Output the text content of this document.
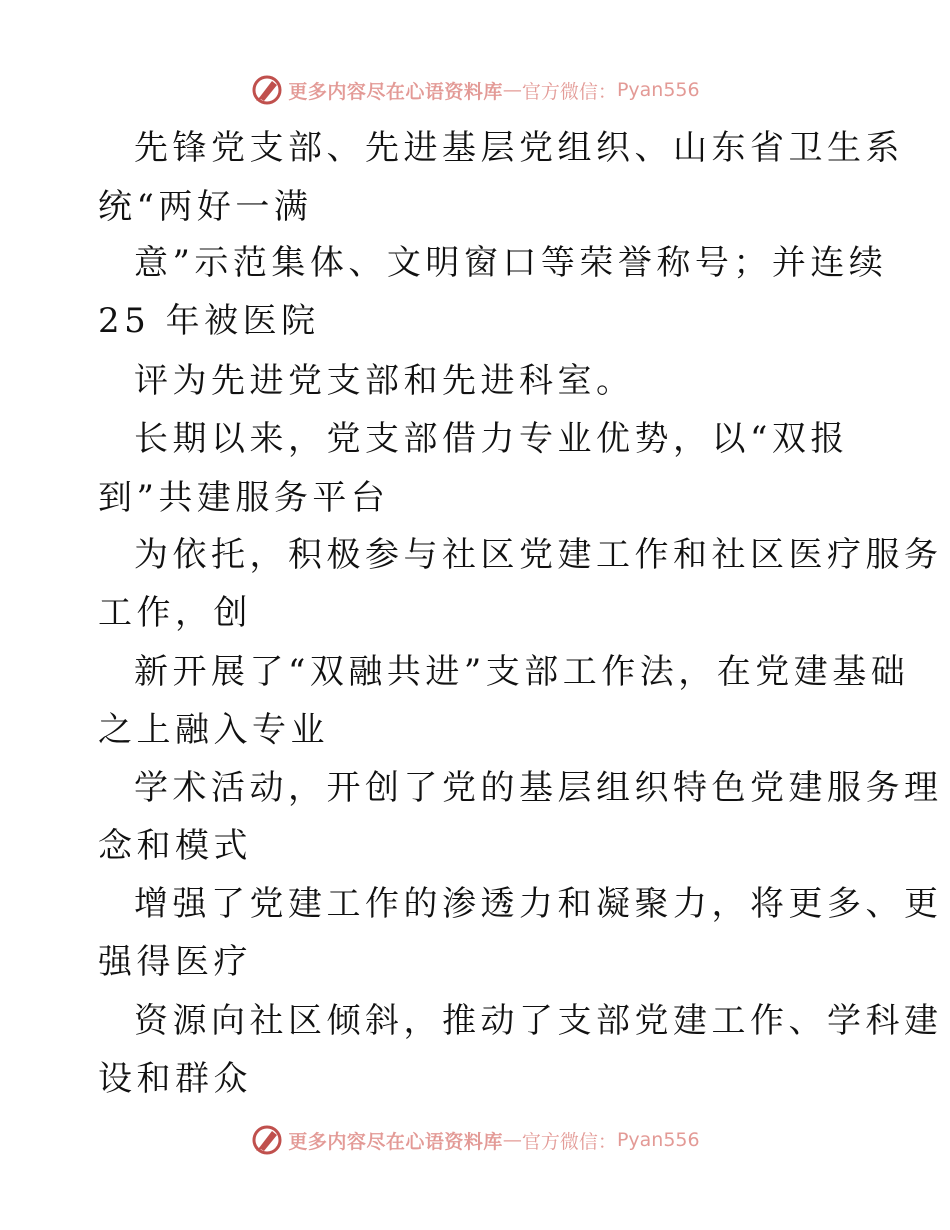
更多内容尽在心语资料库 — 官方微信： Pyan556
先锋党支部、先进基层党组织、山东省卫生系
统“两好一满
意”示范集体、文明窗口等荣誉称号；并连续
25 年被医院
评为先进党支部和先进科室。
长期以来，党支部借力专业优势，以“双报
到”共建服务平台
为依托，积极参与社区党建工作和社区医疗服务
工作，创
新开展了“双融共进”支部工作法，在党建基础
之上融入专业
学术活动，开创了党的基层组织特色党建服务理
念和模式
增强了党建工作的渗透力和凝聚力，将更多、更
强得医疗
资源向社区倾斜，推动了支部党建工作、学科建
设和群众
更多内容尽在心语资料库 — 官方微信： Pyan556
